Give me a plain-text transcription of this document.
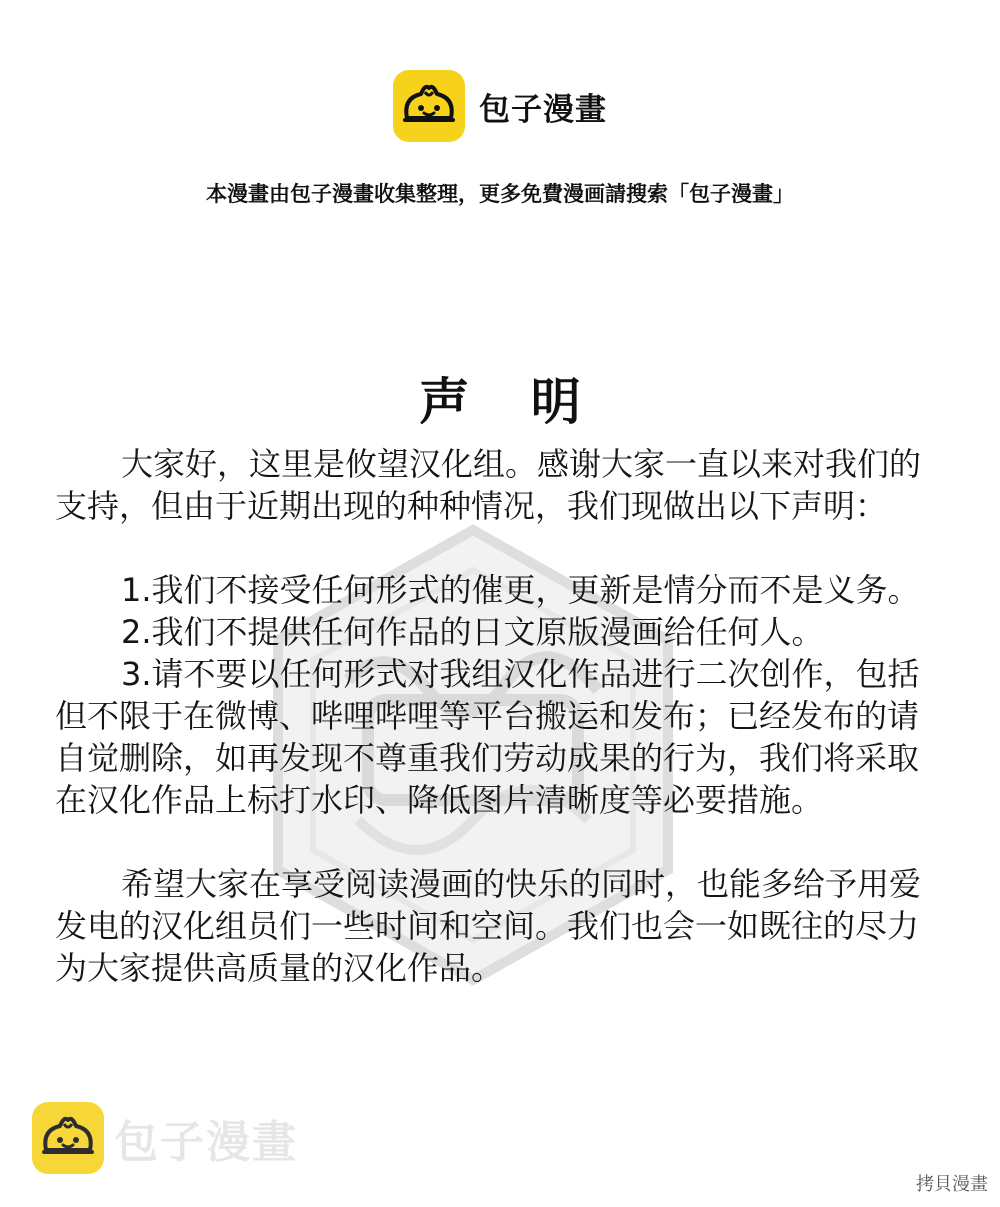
包子漫畫

本漫畫由包子漫畫收集整理，更多免費漫画請搜索「包子漫畫」

声 明

大家好，这里是攸望汉化组。感谢大家一直以来对我们的支持，但由于近期出现的种种情况，我们现做出以下声明：

1.我们不接受任何形式的催更，更新是情分而不是义务。

2.我们不提供任何作品的日文原版漫画给任何人。

3.请不要以任何形式对我组汉化作品进行二次创作，包括但不限于在微博、哔哩哔哩等平台搬运和发布；已经发布的请自觉删除，如再发现不尊重我们劳动成果的行为，我们将采取在汉化作品上标打水印、降低图片清晰度等必要措施。

希望大家在享受阅读漫画的快乐的同时，也能多给予用爱发电的汉化组员们一些时间和空间。我们也会一如既往的尽力为大家提供高质量的汉化作品。

包子漫畫
拷貝漫畫
